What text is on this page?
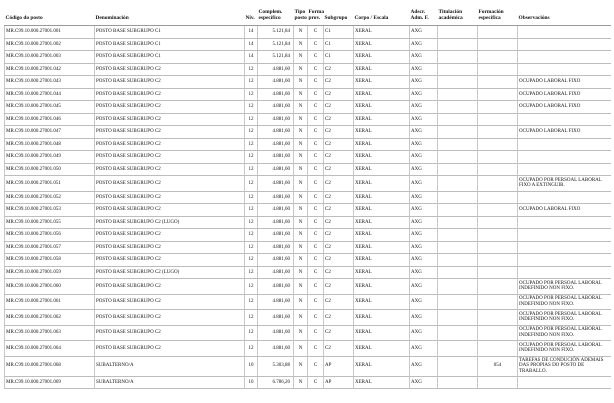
Código do posto	Denominación	Nív.	Complem. específico	Tipo posto	Forma prov.	Subgrupo	Corpo / Escala	Adscr. Adm. F.	Titulación académica	Formación específica	Observacións
MR.C99.10.000.27001.001	POSTO BASE SUBGRUPO C1	14	5.121,84	N	C	C1	XERAL	AXG			
MR.C99.10.000.27001.002	POSTO BASE SUBGRUPO C1	14	5.121,84	N	C	C1	XERAL	AXG			
MR.C99.10.000.27001.003	POSTO BASE SUBGRUPO C1	14	5.121,84	N	C	C1	XERAL	AXG			
MR.C99.10.000.27001.042	POSTO BASE SUBGRUPO C2	12	4.881,60	N	C	C2	XERAL	AXG			
MR.C99.10.000.27001.043	POSTO BASE SUBGRUPO C2	12	4.881,60	N	C	C2	XERAL	AXG			OCUPADO LABORAL FIXO
MR.C99.10.000.27001.044	POSTO BASE SUBGRUPO C2	12	4.881,60	N	C	C2	XERAL	AXG			OCUPADO LABORAL FIXO
MR.C99.10.000.27001.045	POSTO BASE SUBGRUPO C2	12	4.881,60	N	C	C2	XERAL	AXG			OCUPADO LABORAL FIXO
MR.C99.10.000.27001.046	POSTO BASE SUBGRUPO C2	12	4.881,60	N	C	C2	XERAL	AXG			
MR.C99.10.000.27001.047	POSTO BASE SUBGRUPO C2	12	4.881,60	N	C	C2	XERAL	AXG			OCUPADO LABORAL FIXO
MR.C99.10.000.27001.048	POSTO BASE SUBGRUPO C2	12	4.881,60	N	C	C2	XERAL	AXG			
MR.C99.10.000.27001.049	POSTO BASE SUBGRUPO C2	12	4.881,60	N	C	C2	XERAL	AXG			
MR.C99.10.000.27001.050	POSTO BASE SUBGRUPO C2	12	4.881,60	N	C	C2	XERAL	AXG			
MR.C99.10.000.27001.051	POSTO BASE SUBGRUPO C2	12	4.881,60	N	C	C2	XERAL	AXG			OCUPADO POR PERSOAL LABORAL FIXO A EXTINGUIR.
MR.C99.10.000.27001.052	POSTO BASE SUBGRUPO C2	12	4.881,60	N	C	C2	XERAL	AXG			
MR.C99.10.000.27001.053	POSTO BASE SUBGRUPO C2	12	4.881,60	N	C	C2	XERAL	AXG			OCUPADO LABORAL FIXO
MR.C99.10.000.27001.055	POSTO BASE SUBGRUPO C2 (LUGO)	12	4.881,60	N	C	C2	XERAL	AXG			
MR.C99.10.000.27001.056	POSTO BASE SUBGRUPO C2	12	4.881,60	N	C	C2	XERAL	AXG			
MR.C99.10.000.27001.057	POSTO BASE SUBGRUPO C2	12	4.881,60	N	C	C2	XERAL	AXG			
MR.C99.10.000.27001.058	POSTO BASE SUBGRUPO C2	12	4.881,60	N	C	C2	XERAL	AXG			
MR.C99.10.000.27001.059	POSTO BASE SUBGRUPO C2 (LUGO)	12	4.881,60	N	C	C2	XERAL	AXG			
MR.C99.10.000.27001.060	POSTO BASE SUBGRUPO C2	12	4.881,60	N	C	C2	XERAL	AXG			OCUPADO POR PERSOAL LABORAL INDEFINIDO NON FIXO.
MR.C99.10.000.27001.061	POSTO BASE SUBGRUPO C2	12	4.881,60	N	C	C2	XERAL	AXG			OCUPADO POR PERSOAL LABORAL INDEFINIDO NON FIXO.
MR.C99.10.000.27001.062	POSTO BASE SUBGRUPO C2	12	4.881,60	N	C	C2	XERAL	AXG			OCUPADO POR PERSOAL LABORAL INDEFINIDO NON FIXO.
MR.C99.10.000.27001.063	POSTO BASE SUBGRUPO C2	12	4.881,60	N	C	C2	XERAL	AXG			OCUPADO POR PERSOAL LABORAL INDEFINIDO NON FIXO.
MR.C99.10.000.27001.064	POSTO BASE SUBGRUPO C2	12	4.881,60	N	C	C2	XERAL	AXG			OCUPADO POR PERSOAL LABORAL INDEFINIDO NON FIXO.
MR.C99.10.000.27001.068	SUBALTERNO/A	10	5.303,88	N	C	AP	XERAL	AXG		054	TAREFAS DE CONDUCIÓN ADEMAIS DAS PROPIAS DO POSTO DE TRABALLO.
MR.C99.10.000.27001.069	SUBALTERNO/A	10	6.786,20	N	C	AP	XERAL	AXG			
